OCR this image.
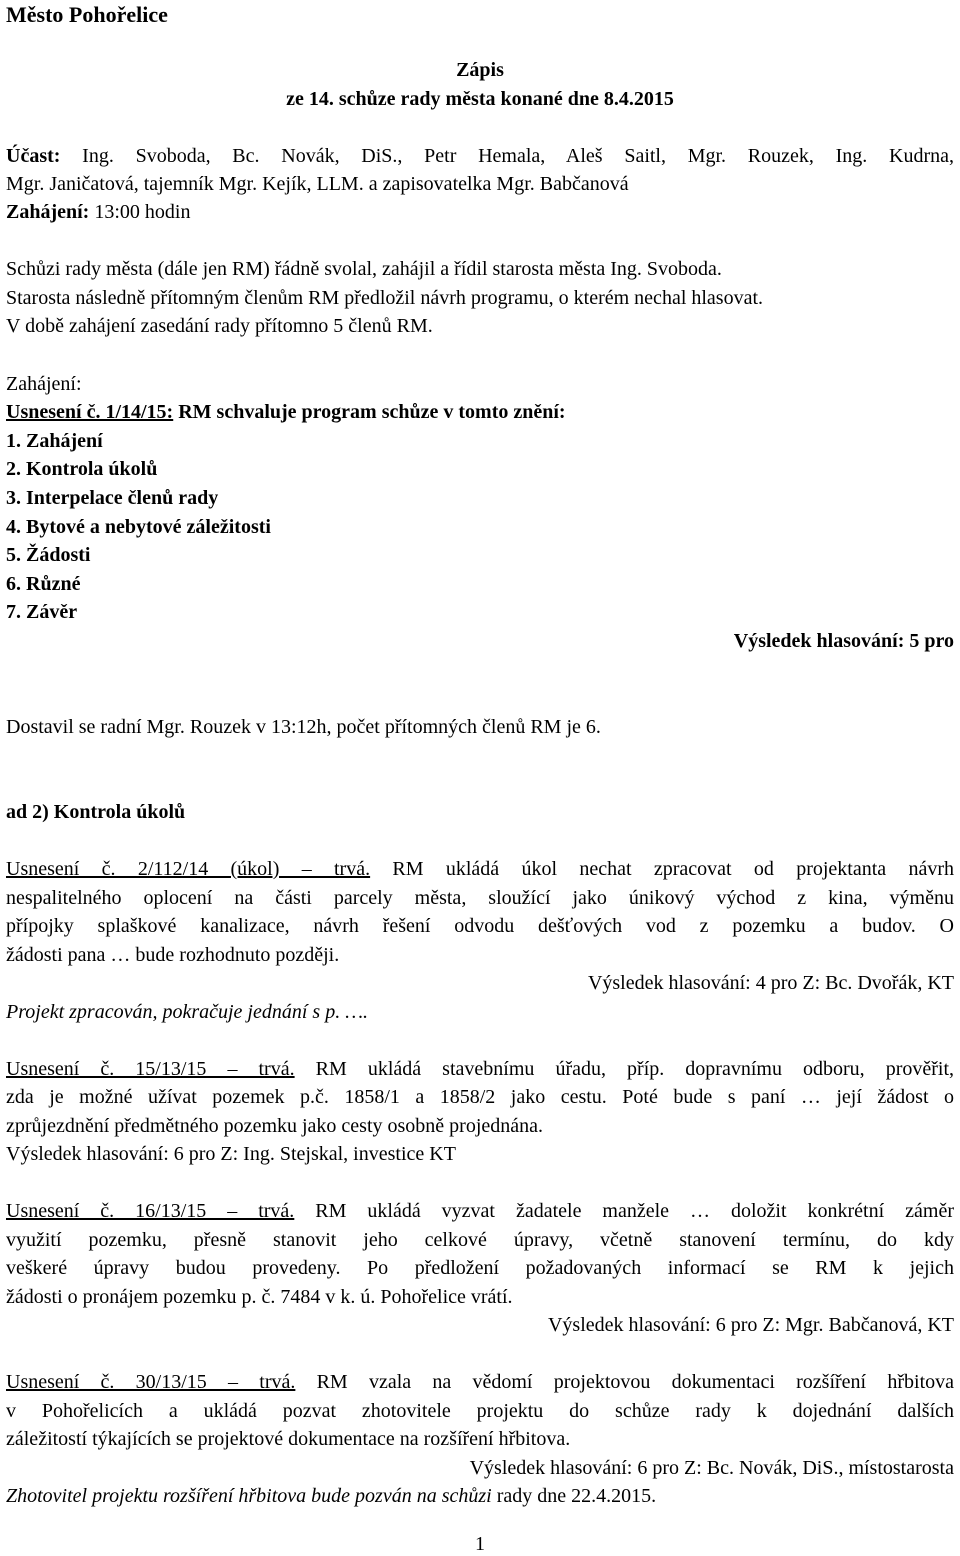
Město Pohořelice
Zápis
ze 14. schůze rady města konané dne 8.4.2015
Účast: Ing. Svoboda, Bc. Novák, DiS., Petr Hemala, Aleš Saitl, Mgr. Rouzek, Ing. Kudrna,
Mgr. Janičatová, tajemník Mgr. Kejík, LLM. a zapisovatelka Mgr. Babčanová
Zahájení: 13:00 hodin
Schůzi rady města (dále jen RM) řádně svolal, zahájil a řídil starosta města Ing. Svoboda.
Starosta následně přítomným členům RM předložil návrh programu, o kterém nechal hlasovat.
V době zahájení zasedání rady přítomno 5 členů RM.
Zahájení:
Usnesení č. 1/14/15: RM schvaluje program schůze v tomto znění:
1. Zahájení
2. Kontrola úkolů
3. Interpelace členů rady
4. Bytové a nebytové záležitosti
5. Žádosti
6. Různé
7. Závěr
Výsledek hlasování: 5 pro
Dostavil se radní Mgr. Rouzek v 13:12h, počet přítomných členů RM je 6.
ad 2) Kontrola úkolů
Usnesení č. 2/112/14 (úkol) – trvá. RM ukládá úkol nechat zpracovat od projektanta návrh
nespalitelného oplocení na části parcely města, sloužící jako únikový východ z kina, výměnu
přípojky splaškové kanalizace, návrh řešení odvodu dešťových vod z pozemku a budov. O
žádosti pana … bude rozhodnuto později.
Výsledek hlasování: 4 pro Z: Bc. Dvořák, KT
Projekt zpracován, pokračuje jednání s p. ….
Usnesení č. 15/13/15 – trvá. RM ukládá stavebnímu úřadu, příp. dopravnímu odboru, prověřit,
zda je možné užívat pozemek p.č. 1858/1 a 1858/2 jako cestu. Poté bude s paní … její žádost o
zprůjezdnění předmětného pozemku jako cesty osobně projednána.
Výsledek hlasování: 6 pro Z: Ing. Stejskal, investice KT
Usnesení č. 16/13/15 – trvá. RM ukládá vyzvat žadatele manžele … doložit konkrétní záměr
využití pozemku, přesně stanovit jeho celkové úpravy, včetně stanovení termínu, do kdy
veškeré úpravy budou provedeny. Po předložení požadovaných informací se RM k jejich
žádosti o pronájem pozemku p. č. 7484 v k. ú. Pohořelice vrátí.
Výsledek hlasování: 6 pro Z: Mgr. Babčanová, KT
Usnesení č. 30/13/15 – trvá. RM vzala na vědomí projektovou dokumentaci rozšíření hřbitova
v Pohořelicích a ukládá pozvat zhotovitele projektu do schůze rady k dojednání dalších
záležitostí týkajících se projektové dokumentace na rozšíření hřbitova.
Výsledek hlasování: 6 pro Z: Bc. Novák, DiS., místostarosta
Zhotovitel projektu rozšíření hřbitova bude pozván na schůzi rady dne 22.4.2015.
1
